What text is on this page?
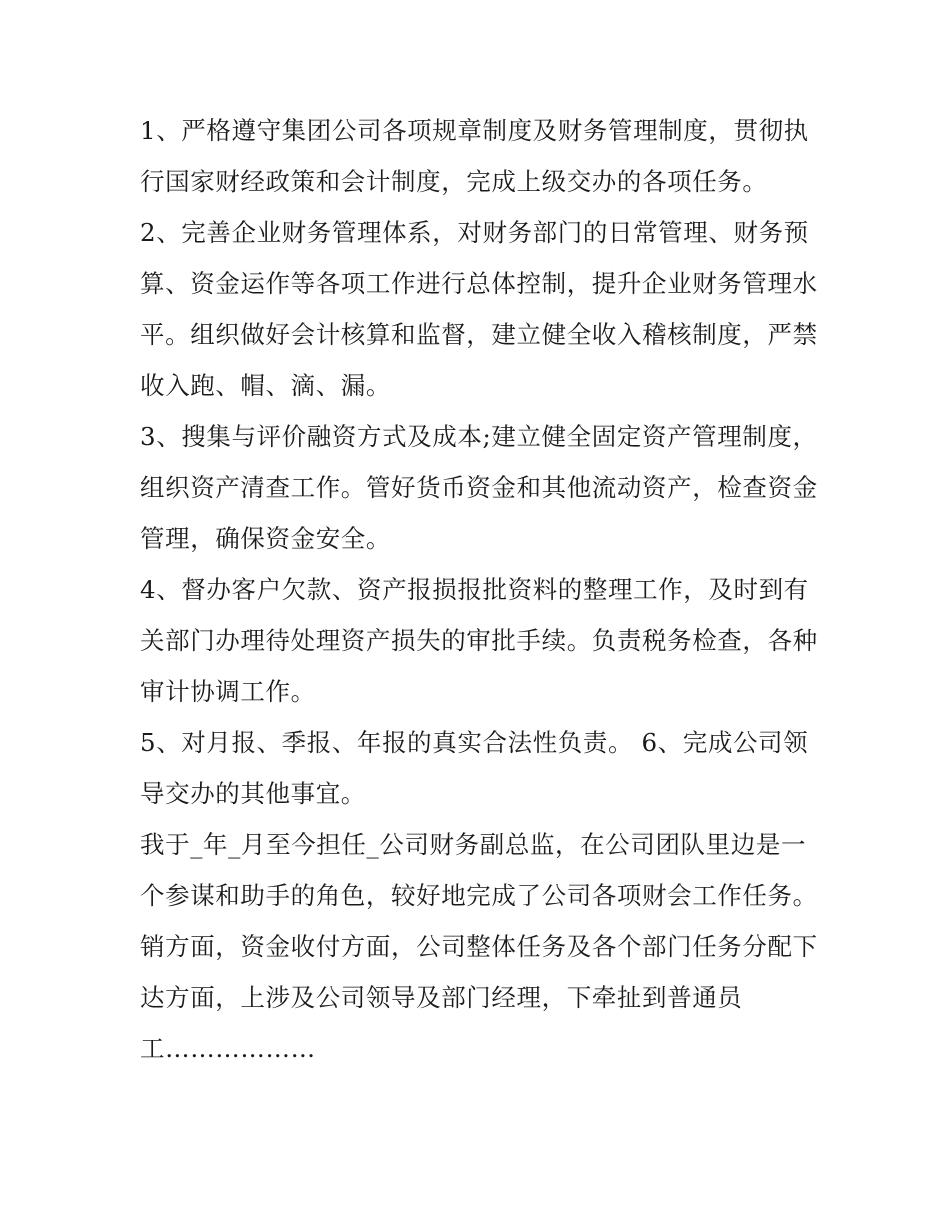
1、严格遵守集团公司各项规章制度及财务管理制度，贯彻执行国家财经政策和会计制度，完成上级交办的各项任务。

2、完善企业财务管理体系，对财务部门的日常管理、财务预算、资金运作等各项工作进行总体控制，提升企业财务管理水平。组织做好会计核算和监督，建立健全收入稽核制度，严禁收入跑、帽、滴、漏。

3、搜集与评价融资方式及成本;建立健全固定资产管理制度，组织资产清查工作。管好货币资金和其他流动资产，检查资金管理，确保资金安全。

4、督办客户欠款、资产报损报批资料的整理工作，及时到有关部门办理待处理资产损失的审批手续。负责税务检查，各种审计协调工作。

5、对月报、季报、年报的真实合法性负责。 6、完成公司领导交办的其他事宜。

我于_年_月至今担任_公司财务副总监，在公司团队里边是一个参谋和助手的角色，较好地完成了公司各项财会工作任务。

销方面，资金收付方面，公司整体任务及各个部门任务分配下达方面，上涉及公司领导及部门经理，下牵扯到普通员工………………
